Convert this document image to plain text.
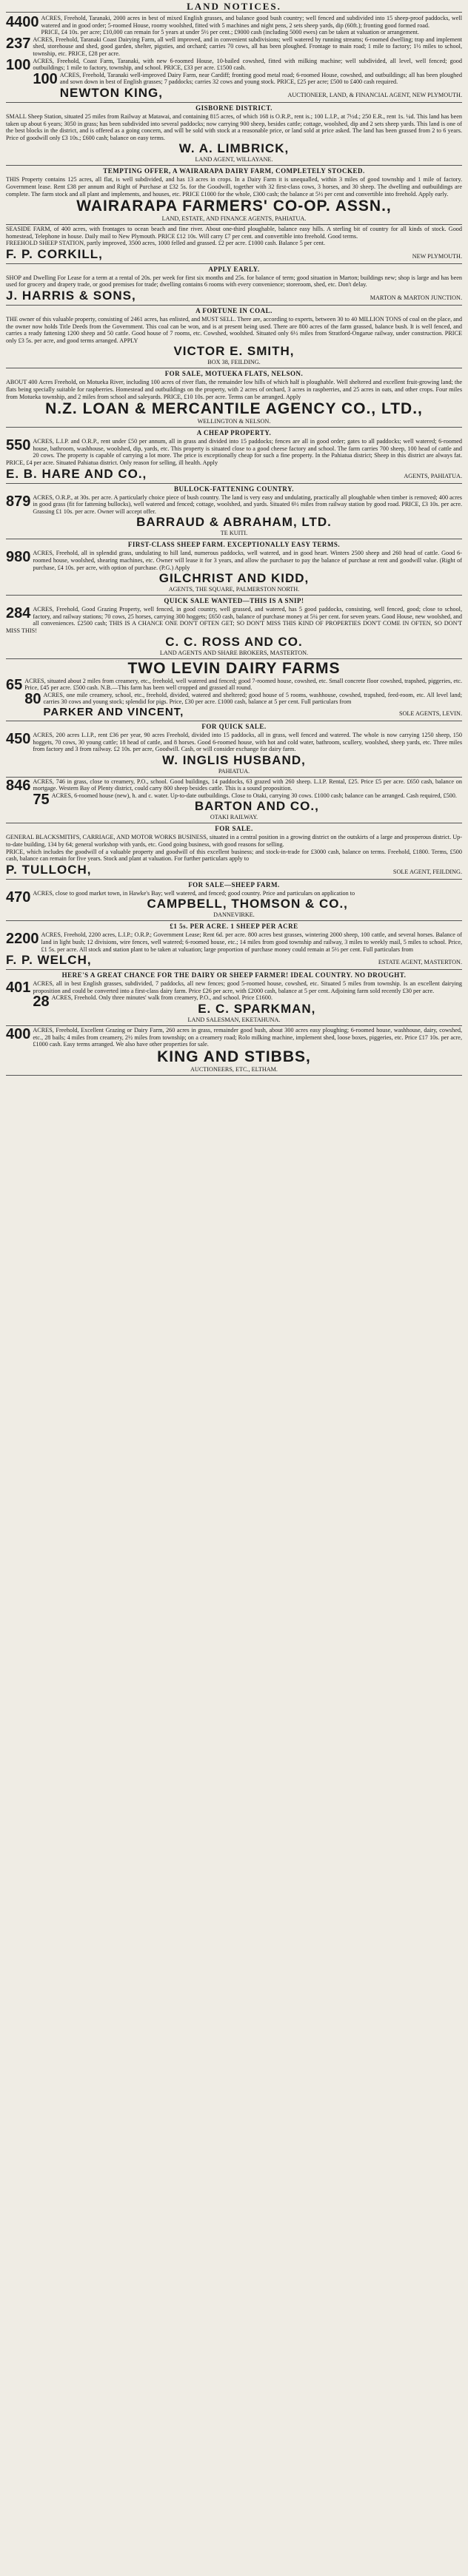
LAND NOTICES.

4400 ACRES, Freehold, Taranaki, 2000 acres in best of mixed English grasses, and balance good bush country; well fenced and subdivided into 15 sheep-proof paddocks, well watered and in good order; 5-roomed House, roomy woolshed, fitted with 5 machines and night pens, 2 sets sheep yards, dip (60ft.); fronting good formed road.

PRICE, £4 10s. per acre; £10,000 can remain for 5 years at under 5½ per cent.; £9000 cash (including 5000 ewes) can be taken at valuation or arrangement.

237 ACRES, Freehold, Taranaki Coast Dairying Farm, all well improved, and in convenient subdivisions; well watered by running streams; 6-roomed dwelling; trap and implement shed, storehouse and shed, good garden, shelter, pigsties, and orchard; carries 70 cows, all has been ploughed. Frontage to main road; 1 mile to factory; 1½ miles to school, township, etc. PRICE, £28 per acre.

100 ACRES, Freehold, Coast Farm, Taranaki, with new 6-roomed House, 10-bailed cowshed, fitted with milking machine; well subdivided, all level, well fenced; good outbuildings; 1 mile to factory, township, and school. PRICE, £33 per acre. £1500 cash.

100 ACRES, Freehold, Taranaki well-improved Dairy Farm, near Cardiff; fronting good metal road; 6-roomed House, cowshed, and outbuildings; all has been ploughed and sown down in best of English grasses; 7 paddocks; carries 32 cows and young stock. PRICE, £25 per acre; £500 to £400 cash required.

NEWTON KING,	AUCTIONEER, LAND, & FINANCIAL AGENT, NEW PLYMOUTH.
GISBORNE DISTRICT.

SMALL Sheep Station, situated 25 miles from Railway at Matawai, and containing 815 acres, of which 168 is O.R.P., rent is.; 100 L.I.P., at 7½d.; 250 E.R., rent 1s. ¼d. This land has been taken up about 6 years; 3050 in grass; has been subdivided into several paddocks; now carrying 900 sheep, besides cattle; cottage, woolshed, dip and 2 sets sheep yards. This land is one of the best blocks in the district, and is offered as a going concern, and will be sold with stock at a reasonable price, or land sold at price asked. The land has been grassed from 2 to 6 years. Price of goodwill only £3 10s.; £600 cash; balance on easy terms.

W. A. LIMBRICK,
LAND AGENT, WILLAYANE.
TEMPTING OFFER, A WAIRARAPA DAIRY FARM, COMPLETELY STOCKED.

THIS Property contains 125 acres, all flat, is well subdivided, and has 13 acres in crops. In a Dairy Farm it is unequalled, within 3 miles of good township and 1 mile of factory. Government lease. Rent £38 per annum and Right of Purchase at £32 5s. for the Goodwill, together with 32 first-class cows, 3 horses, and 30 sheep. The dwelling and outbuildings are complete. The farm stock and all plant and implements, and houses, etc. PRICE £1000 for the whole, £300 cash; the balance at 5½ per cent and convertible into freehold. Apply early.

WAIRARAPA FARMERS' CO-OP. ASSN.,
LAND, ESTATE, AND FINANCE AGENTS, PAHIATUA.

SEASIDE FARM, of 400 acres, with frontages to ocean beach and fine river. About one-third ploughable, balance easy hills. A sterling bit of country for all kinds of stock. Good homestead, Telephone in house. Daily mail to New Plymouth. PRICE £12 10s. Will carry £7 per cent. and convertible into freehold. Good terms.

FREEHOLD SHEEP STATION, partly improved, 3500 acres, 1000 felled and grassed. £2 per acre. £1000 cash. Balance 5 per cent.

F. P. CORKILL,	NEW PLYMOUTH.
APPLY EARLY.

SHOP and Dwelling For Lease for a term at a rental of 20s. per week for first six months and 25s. for balance of term; good situation in Marton; buildings new; shop is large and has been used for grocery and drapery trade, or good premises for trade; dwelling contains 6 rooms with every convenience; storeroom, shed, etc. Don't delay.

J. HARRIS & SONS,	MARTON & MARTON JUNCTION.
A FORTUNE IN COAL.

THE owner of this valuable property, consisting of 2461 acres, has enlisted, and MUST SELL. There are, according to experts, between 30 to 40 MILLION TONS of coal on the place, and the owner now holds Title Deeds from the Government. This coal can be won, and is at present being used. There are 800 acres of the farm grassed, balance bush. It is well fenced, and carries a ready fattening 1200 sheep and 50 cattle. Good house of 7 rooms, etc. Cowshed, woolshed. Situated only 6½ miles from Stratford-Ongarue railway, under construction. PRICE only £3 5s. per acre, and good terms arranged. APPLY

VICTOR E. SMITH,
BOX 38, FEILDING.
FOR SALE, MOTUEKA FLATS, NELSON.

ABOUT 400 Acres Freehold, on Motueka River, including 100 acres of river flats, the remainder low hills of which half is ploughable. Well sheltered and excellent fruit-growing land; the flats being specially suitable for raspberries. Homestead and outbuildings on the property, with 2 acres of orchard, 3 acres in raspberries, and 25 acres in oats, and other crops. Four miles from Motueka township, and 2 miles from school and saleyards. PRICE, £10 10s. per acre. Terms can be arranged. Apply

N.Z. LOAN & MERCANTILE AGENCY CO., LTD.,
WELLINGTON & NELSON.
A CHEAP PROPERTY.

550 ACRES, L.I.P. and O.R.P., rent under £50 per annum, all in grass and divided into 15 paddocks; fences are all in good order; gates to all paddocks; well watered; 6-roomed house, bathroom, washhouse, woolshed, dip, yards, etc. This property is situated close to a good cheese factory and school. The farm carries 700 sheep, 100 head of cattle and 20 cows. The property is capable of carrying a lot more. The price is exceptionally cheap for such a fine property. In the Pahiatua district; Sheep in this district are always fat. PRICE, £4 per acre. Situated Pahiatua district. Only reason for selling, ill health. Apply

E. B. HARE AND CO.,	AGENTS, PAHIATUA.
BULLOCK-FATTENING COUNTRY.

879 ACRES, O.R.P., at 30s. per acre. A particularly choice piece of bush country. The land is very easy and undulating, practically all ploughable when timber is removed; 400 acres in good grass (fit for fattening bullocks), well watered and fenced; cottage, woolshed, and yards. Situated 6½ miles from railway station by good road. PRICE, £3 10s. per acre. Grassing £1 10s. per acre. Owner will accept offer.

BARRAUD & ABRAHAM, LTD.
TE KUITI.
FIRST-CLASS SHEEP FARM. EXCEPTIONALLY EASY TERMS.

980 ACRES, Freehold, all in splendid grass, undulating to hill land, numerous paddocks, well watered, and in good heart. Winters 2500 sheep and 260 head of cattle. Good 6-roomed house, woolshed, shearing machines, etc. Owner will lease it for 3 years, and allow the purchaser to pay the balance of purchase at rent and goodwill value. (Right of purchase, £4 10s. per acre, with option of purchase. (P.G.) Apply

GILCHRIST AND KIDD,
AGENTS, THE SQUARE, PALMERSTON NORTH.
QUICK SALE WANTED—THIS IS A SNIP!

284 ACRES, Freehold, Good Grazing Property, well fenced, in good country, well grassed, and watered, has 5 good paddocks, consisting, well fenced, good; close to school, factory, and railway stations; 70 cows, 25 horses, carrying 300 hoggets; £650 cash, balance of purchase money at 5¼ per cent. for seven years. Good House, new woolshed, and all conveniences. £2500 cash; THIS IS A CHANCE ONE DON'T OFTEN GET; SO DON'T MISS THIS KIND OF PROPERTIES DON'T COME IN OFTEN, SO DON'T MISS THIS!

C. C. ROSS AND CO.
LAND AGENTS AND SHARE BROKERS, MASTERTON.
TWO LEVIN DAIRY FARMS

65 ACRES, situated about 2 miles from creamery, etc., freehold, well watered and fenced; good 7-roomed house, cowshed, etc. Small concrete floor cowshed, trapshed, piggeries, etc. Price, £45 per acre. £500 cash. N.B.—This farm has been well cropped and grassed all round.

80 ACRES, one mile creamery, school, etc., freehold, divided, watered and sheltered; good house of 5 rooms, washhouse, cowshed, trapshed, feed-room, etc. All level land; carries 30 cows and young stock; splendid for pigs. Price, £30 per acre. £1000 cash, balance at 5 per cent. Full particulars from

PARKER AND VINCENT,	SOLE AGENTS, LEVIN.
FOR QUICK SALE.

450 ACRES, 200 acres L.I.P., rent £36 per year, 90 acres Freehold, divided into 15 paddocks, all in grass, well fenced and watered. The whole is now carrying 1250 sheep, 150 hoggets, 70 cows, 30 young cattle; 18 head of cattle, and 8 horses. Good 6-roomed house, with hot and cold water, bathroom, scullery, woolshed, sheep yards, etc. Three miles from factory and 3 from railway. £2 10s. per acre, Goodwill. Cash, or will consider exchange for dairy farm.

W. INGLIS HUSBAND,
PAHIATUA.

846 ACRES, 746 in grass, close to creamery, P.O., school. Good buildings, 14 paddocks, 63 grazed with 260 sheep. L.I.P. Rental, £25. Price £5 per acre. £650 cash, balance on mortgage. Western Bay of Plenty district, could carry 800 sheep besides cattle. This is a sound proposition.

75 ACRES, 6-roomed house (new), h. and c. water. Up-to-date outbuildings. Close to Otaki, carrying 30 cows. £1000 cash; balance can be arranged. Cash required, £500.

BARTON AND CO.,
OTAKI RAILWAY.
FOR SALE.

GENERAL BLACKSMITH'S, CARRIAGE, AND MOTOR WORKS BUSINESS, situated in a central position in a growing district on the outskirts of a large and prosperous district. Up-to-date building, 134 by 64; general workshop with yards, etc. Good going business, with good reasons for selling.

PRICE, which includes the goodwill of a valuable property and goodwill of this excellent business; and stock-in-trade for £3000 cash, balance on terms. Freehold, £1800. Terms, £500 cash, balance can remain for five years. Stock and plant at valuation. For further particulars apply to

P. TULLOCH,	SOLE AGENT, FEILDING.
FOR SALE—SHEEP FARM.

470 ACRES, close to good market town, in Hawke's Bay; well watered, and fenced; good country. Price and particulars on application to

CAMPBELL, THOMSON & CO.,
DANNEVIRKE.
£1 5s. PER ACRE. 1 SHEEP PER ACRE

2200 ACRES, Freehold, 2200 acres, L.I.P.; O.R.P.; Government Lease; Rent 6d. per acre. 800 acres best grasses, wintering 2000 sheep, 100 cattle, and several horses. Balance of land in light bush; 12 divisions, wire fences, well watered; 6-roomed house, etc.; 14 miles from good township and railway, 3 miles to weekly mail, 5 miles to school. Price, £1 5s. per acre. All stock and station plant to be taken at valuation; large proportion of purchase money could remain at 5½ per cent. Full particulars from

F. P. WELCH,	ESTATE AGENT, MASTERTON.
HERE'S A GREAT CHANCE FOR THE DAIRY OR SHEEP FARMER! IDEAL COUNTRY. NO DROUGHT.

401 ACRES, all in best English grasses, subdivided, 7 paddocks, all new fences; good 5-roomed house, cowshed, etc. Situated 5 miles from township. Is an excellent dairying proposition and could be converted into a first-class dairy farm. Price £26 per acre, with £2000 cash, balance at 5 per cent. Adjoining farm sold recently £30 per acre.

28 ACRES, Freehold. Only three minutes' walk from creamery, P.O., and school. Price £1600.

E. C. SPARKMAN,
LAND SALESMAN, EKETAHUNA.

400 ACRES, Freehold, Excellent Grazing or Dairy Farm, 260 acres in grass, remainder good bush, about 300 acres easy ploughing; 6-roomed house, washhouse, dairy, cowshed, etc., 28 bails; 4 miles from creamery, 2½ miles from township; on a creamery road; Rolo milking machine, implement shed, loose boxes, piggeries, etc. Price £17 10s. per acre, £1000 cash. Easy terms arranged. We also have other properties for sale.

KING AND STIBBS,
AUCTIONEERS, ETC., ELTHAM.
